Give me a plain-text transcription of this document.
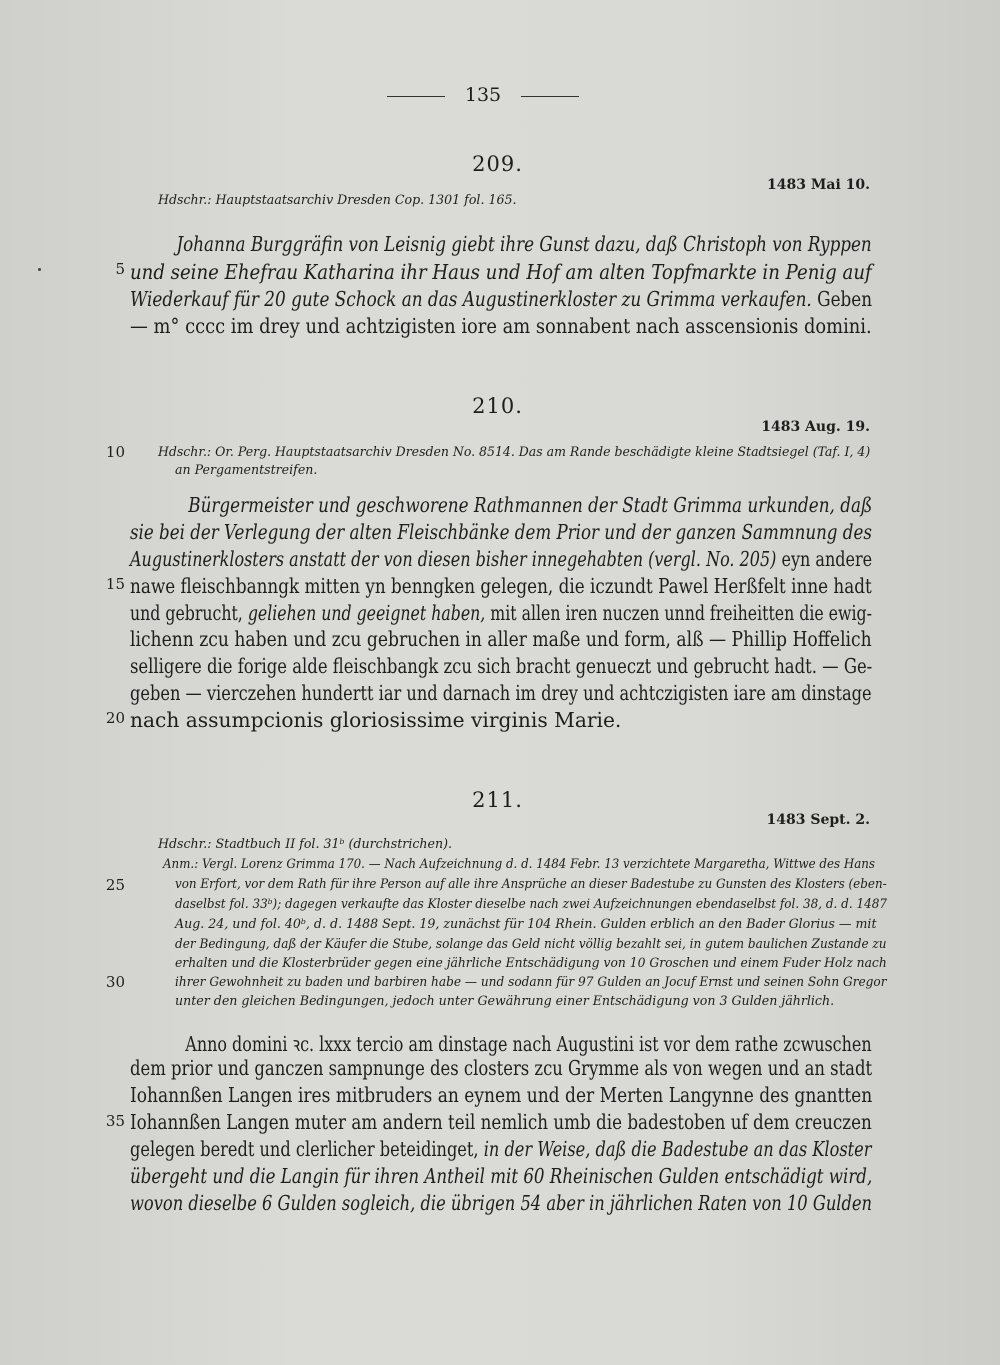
135
5
10
15
20
25
30
35
209.
1483 Mai 10.
Hdschr.: Hauptstaatsarchiv Dresden Cop. 1301 fol. 165.
Johanna Burggräfin von Leisnig giebt ihre Gunst dazu, daß Christoph von Ryppen
und seine Ehefrau Katharina ihr Haus und Hof am alten Topfmarkte in Penig auf
Wiederkauf für 20 gute Schock an das Augustinerkloster zu Grimma verkaufen. Geben
— m° cccc im drey und achtzigisten iore am sonnabent nach asscensionis domini.
210.
1483 Aug. 19.
Hdschr.: Or. Perg. Hauptstaatsarchiv Dresden No. 8514. Das am Rande beschädigte kleine Stadtsiegel (Taf. I, 4)
an Pergamentstreifen.
Bürgermeister und geschworene Rathmannen der Stadt Grimma urkunden, daß
sie bei der Verlegung der alten Fleischbänke dem Prior und der ganzen Sammnung des
Augustinerklosters anstatt der von diesen bisher innegehabten (vergl. No. 205) eyn andere
nawe fleischbanngk mitten yn benngken gelegen, die iczundt Pawel Herßfelt inne hadt
und gebrucht, geliehen und geeignet haben, mit allen iren nuczen unnd freiheitten die ewig-
lichenn zcu haben und zcu gebruchen in aller maße und form, alß — Phillip Hoffelich
selligere die forige alde fleischbangk zcu sich bracht genueczt und gebrucht hadt. — Ge-
geben — vierczehen hundertt iar und darnach im drey und achtczigisten iare am dinstage
nach assumpcionis gloriosissime virginis Marie.
211.
1483 Sept. 2.
Hdschr.: Stadtbuch II fol. 31ᵇ (durchstrichen).
Anm.: Vergl. Lorenz Grimma 170. — Nach Aufzeichnung d. d. 1484 Febr. 13 verzichtete Margaretha, Wittwe des Hans
von Erfort, vor dem Rath für ihre Person auf alle ihre Ansprüche an dieser Badestube zu Gunsten des Klosters (eben-
daselbst fol. 33ᵇ); dagegen verkaufte das Kloster dieselbe nach zwei Aufzeichnungen ebendaselbst fol. 38, d. d. 1487
Aug. 24, und fol. 40ᵇ, d. d. 1488 Sept. 19, zunächst für 104 Rhein. Gulden erblich an den Bader Glorius — mit
der Bedingung, daß der Käufer die Stube, solange das Geld nicht völlig bezahlt sei, in gutem baulichen Zustande zu
erhalten und die Klosterbrüder gegen eine jährliche Entschädigung von 10 Groschen und einem Fuder Holz nach
ihrer Gewohnheit zu baden und barbiren habe — und sodann für 97 Gulden an Jocuf Ernst und seinen Sohn Gregor
unter den gleichen Bedingungen, jedoch unter Gewährung einer Entschädigung von 3 Gulden jährlich.
Anno domini ꝛc. lxxx tercio am dinstage nach Augustini ist vor dem rathe zcwuschen
dem prior und ganczen sampnunge des closters zcu Grymme als von wegen und an stadt
Iohannßen Langen ires mitbruders an eynem und der Merten Langynne des gnantten
Iohannßen Langen muter am andern teil nemlich umb die badestoben uf dem creuczen
gelegen beredt und clerlicher beteidinget, in der Weise, daß die Badestube an das Kloster
übergeht und die Langin für ihren Antheil mit 60 Rheinischen Gulden entschädigt wird,
wovon dieselbe 6 Gulden sogleich, die übrigen 54 aber in jährlichen Raten von 10 Gulden
